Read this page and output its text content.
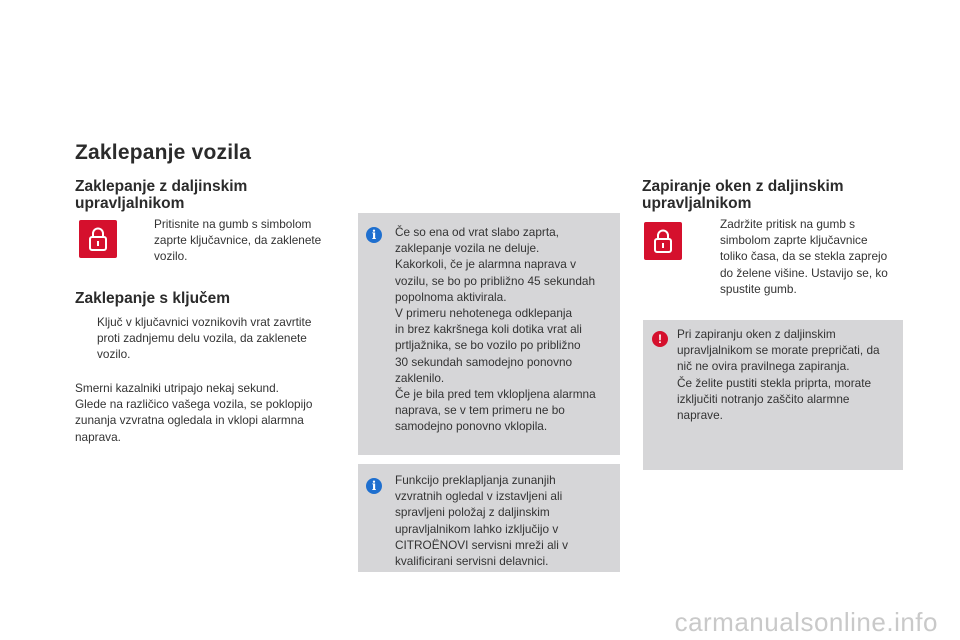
Zaklepanje vozila
Zaklepanje z daljinskim
upravljalnikom
Pritisnite na gumb s simbolom
zaprte ključavnice, da zaklenete
vozilo.
Zaklepanje s ključem
Ključ v ključavnici voznikovih vrat zavrtite
proti zadnjemu delu vozila, da zaklenete
vozilo.
Smerni kazalniki utripajo nekaj sekund.
Glede na različico vašega vozila, se poklopijo
zunanja vzvratna ogledala in vklopi alarmna
naprava.
i	Če so ena od vrat slabo zaprta,
zaklepanje vozila ne deluje.
Kakorkoli, če je alarmna naprava v
vozilu, se bo po približno 45 sekundah
popolnoma aktivirala.
V primeru nehotenega odklepanja
in brez kakršnega koli dotika vrat ali
prtljažnika, se bo vozilo po približno
30 sekundah samodejno ponovno
zaklenilo.
Če je bila pred tem vklopljena alarmna
naprava, se v tem primeru ne bo
samodejno ponovno vklopila.
i	Funkcijo preklapljanja zunanjih
vzvratnih ogledal v izstavljeni ali
spravljeni položaj z daljinskim
upravljalnikom lahko izključijo v
CITROËNOVI servisni mreži ali v
kvalificirani servisni delavnici.
Zapiranje oken z daljinskim
upravljalnikom
Zadržite pritisk na gumb s
simbolom zaprte ključavnice
toliko časa, da se stekla zaprejo
do želene višine. Ustavijo se, ko
spustite gumb.
!	Pri zapiranju oken z daljinskim
upravljalnikom se morate prepričati, da
nič ne ovira pravilnega zapiranja.
Če želite pustiti stekla priprta, morate
izključiti notranjo zaščito alarmne
naprave.
carmanualsonline.info
